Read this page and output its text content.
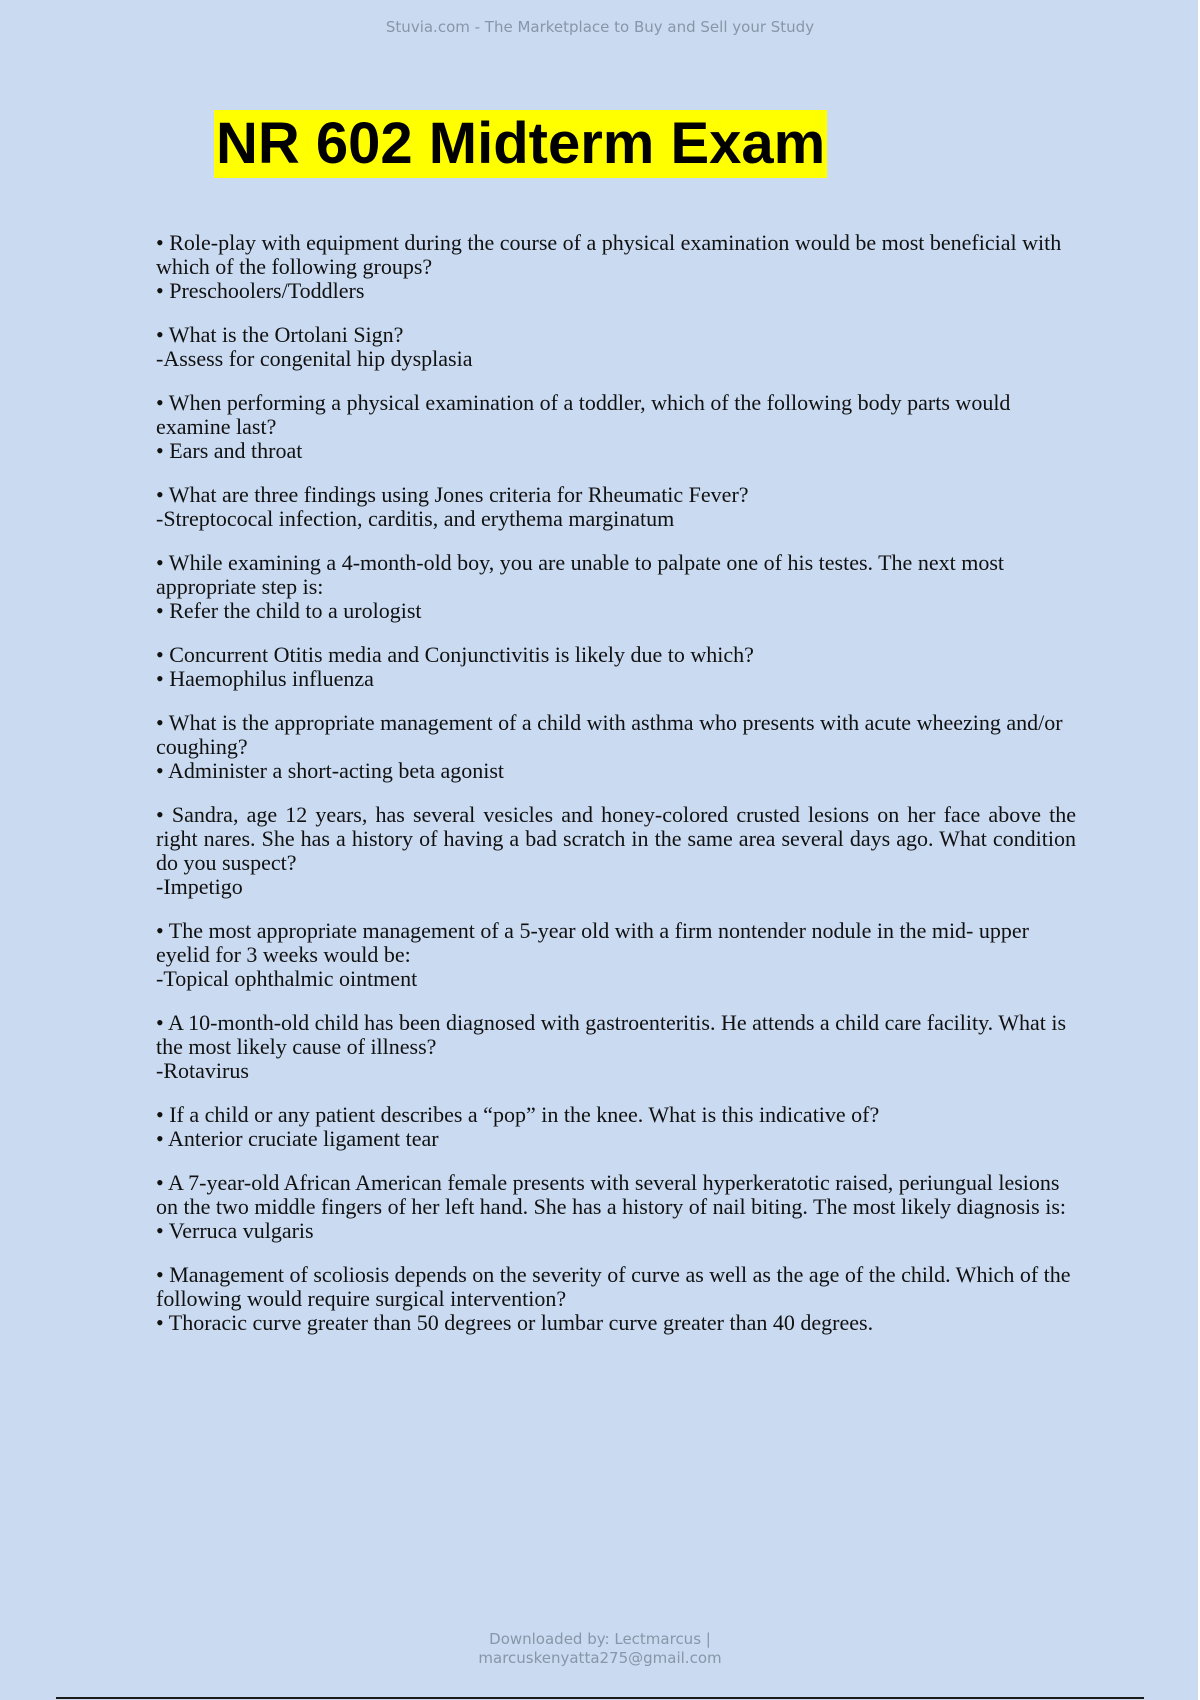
Stuvia.com - The Marketplace to Buy and Sell your Study
NR 602 Midterm Exam

• Role-play with equipment during the course of a physical examination would be most beneficial with which of the following groups?

• Preschoolers/Toddlers

• What is the Ortolani Sign?

-Assess for congenital hip dysplasia

• When performing a physical examination of a toddler, which of the following body parts would examine last?

• Ears and throat

• What are three findings using Jones criteria for Rheumatic Fever?

-Streptococal infection, carditis, and erythema marginatum

• While examining a 4-month-old boy, you are unable to palpate one of his testes. The next most appropriate step is:

• Refer the child to a urologist

• Concurrent Otitis media and Conjunctivitis is likely due to which?

• Haemophilus influenza

• What is the appropriate management of a child with asthma who presents with acute wheezing and/or coughing?

• Administer a short-acting beta agonist

• Sandra, age 12 years, has several vesicles and honey-colored crusted lesions on her face above the right nares. She has a history of having a bad scratch in the same area several days ago. What condition do you suspect?

-Impetigo

• The most appropriate management of a 5-year old with a firm nontender nodule in the mid- upper eyelid for 3 weeks would be:

-Topical ophthalmic ointment

• A 10-month-old child has been diagnosed with gastroenteritis. He attends a child care facility. What is the most likely cause of illness?

-Rotavirus

• If a child or any patient describes a “pop” in the knee. What is this indicative of?

• Anterior cruciate ligament tear

• A 7-year-old African American female presents with several hyperkeratotic raised, periungual lesions on the two middle fingers of her left hand. She has a history of nail biting. The most likely diagnosis is:

• Verruca vulgaris

• Management of scoliosis depends on the severity of curve as well as the age of the child. Which of the following would require surgical intervention?

• Thoracic curve greater than 50 degrees or lumbar curve greater than 40 degrees.

Downloaded by: Lectmarcus |
marcuskenyatta275@gmail.com
